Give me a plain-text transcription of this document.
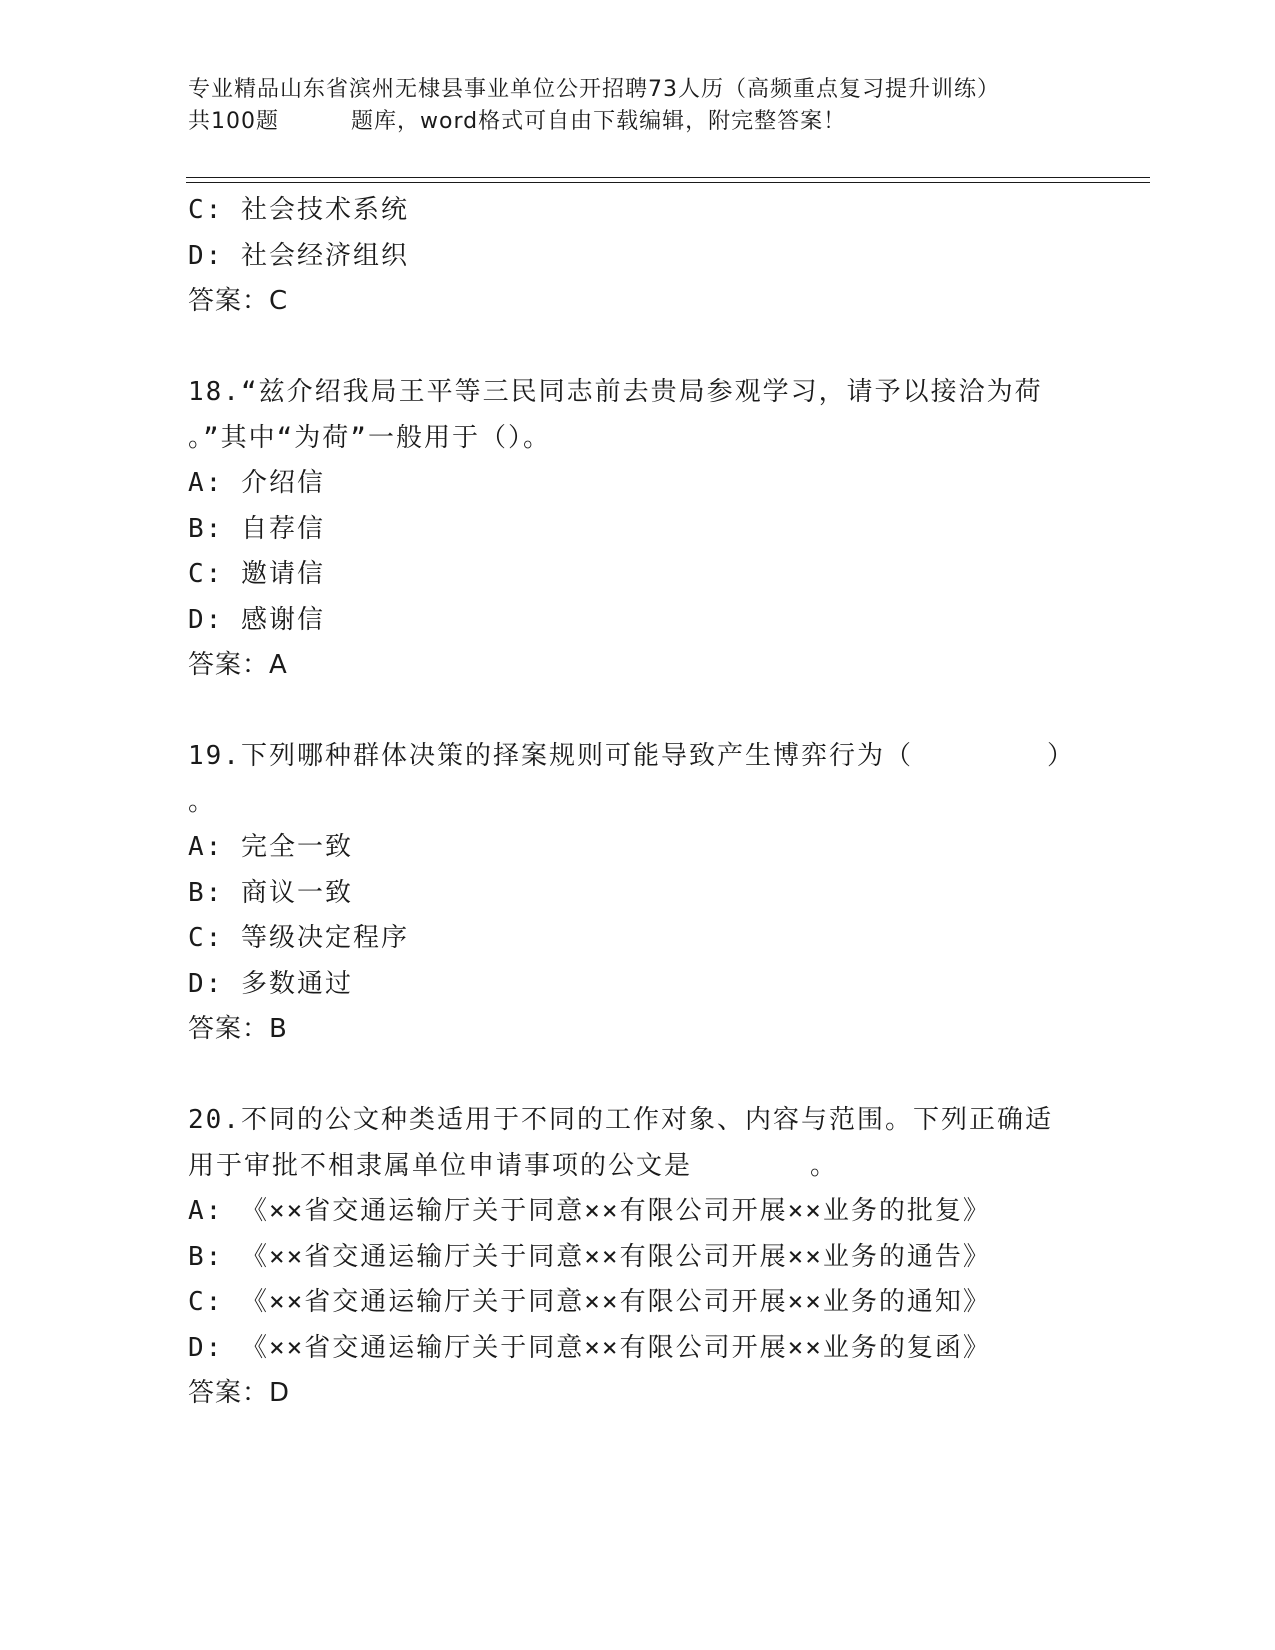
专业精品山东省滨州无棣县事业单位公开招聘73人历（高频重点复习提升训练）
共100题	题库，word格式可自由下载编辑，附完整答案！
C: 社会技术系统
D: 社会经济组织
答案：C
18.“兹介绍我局王平等三民同志前去贵局参观学习，请予以接洽为荷
。”其中“为荷”一般用于（）。
A: 介绍信
B: 自荐信
C: 邀请信
D: 感谢信
答案：A
19.下列哪种群体决策的择案规则可能导致产生博弈行为（	）
。
A: 完全一致
B: 商议一致
C: 等级决定程序
D: 多数通过
答案：B
20.不同的公文种类适用于不同的工作对象、内容与范围。下列正确适
用于审批不相隶属单位申请事项的公文是	。
A: 《××省交通运输厅关于同意××有限公司开展××业务的批复》
B: 《××省交通运输厅关于同意××有限公司开展××业务的通告》
C: 《××省交通运输厅关于同意××有限公司开展××业务的通知》
D: 《××省交通运输厅关于同意××有限公司开展××业务的复函》
答案：D
